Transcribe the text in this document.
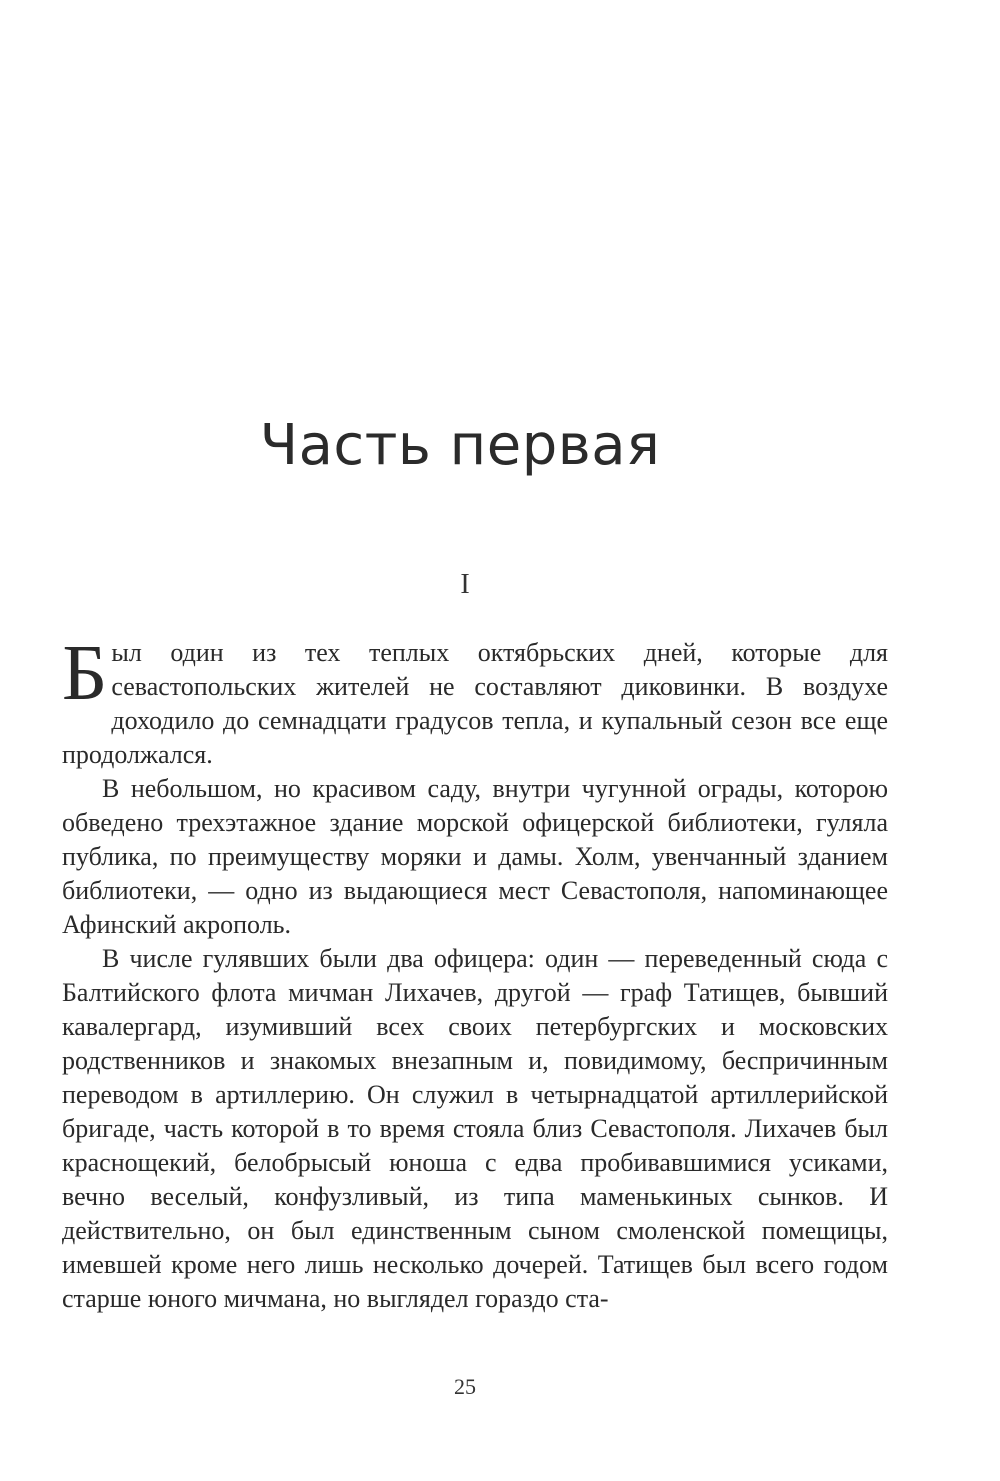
Часть первая
I

Был один из тех теплых октябрьских дней, которые для севастопольских жителей не составляют диковинки. В воздухе доходило до семнадцати градусов тепла, и купальный сезон все еще продолжался.

В небольшом, но красивом саду, внутри чугунной ограды, которою обведено трехэтажное здание морской офицерской библиотеки, гуляла публика, по преимуществу моряки и дамы. Холм, увенчанный зданием библиотеки, — одно из выдающиеся мест Севастополя, напоминающее Афинский акрополь.

В числе гулявших были два офицера: один — переведенный сюда с Балтийского флота мичман Лихачев, другой — граф Татищев, бывший кавалергард, изумивший всех своих петербургских и московских родственников и знакомых внезапным и, повидимому, беспричинным переводом в артиллерию. Он служил в четырнадцатой артиллерийской бригаде, часть которой в то время стояла близ Севастополя. Лихачев был краснощекий, белобрысый юноша с едва пробивавшимися усиками, вечно веселый, конфузливый, из типа маменькиных сынков. И действительно, он был единственным сыном смоленской помещицы, имевшей кроме него лишь несколько дочерей. Татищев был всего годом старше юного мичмана, но выглядел гораздо ста-

25
